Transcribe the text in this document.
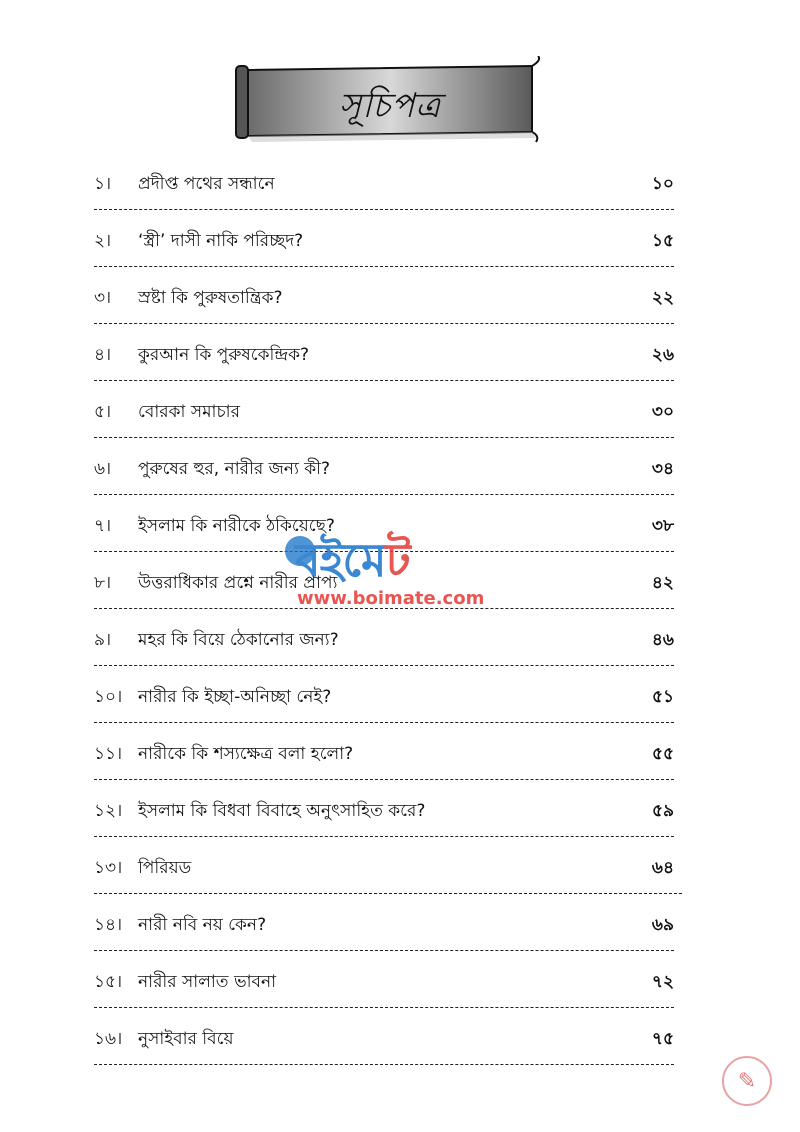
সূচিপত্র
১।	প্রদীপ্ত পথের সন্ধানে	১০
২।	‘স্ত্রী’ দাসী নাকি পরিচ্ছদ?	১৫
৩।	স্রষ্টা কি পুরুষতান্ত্রিক?	২২
৪।	কুরআন কি পুরুষকেন্দ্রিক?	২৬
৫।	বোরকা সমাচার	৩০
৬।	পুরুষের হুর, নারীর জন্য কী?	৩৪
৭।	ইসলাম কি নারীকে ঠকিয়েছে?	৩৮
৮।	উত্তরাধিকার প্রশ্নে নারীর প্রাপ্য	৪২
৯।	মহর কি বিয়ে ঠেকানোর জন্য?	৪৬
১০। নারীর কি ইচ্ছা-অনিচ্ছা নেই?	৫১
১১। নারীকে কি শস্যক্ষেত্র বলা হলো?	৫৫
১২। ইসলাম কি বিধবা বিবাহে অনুৎসাহিত করে?	৫৯
১৩। পিরিয়ড	৬৪
১৪। নারী নবি নয় কেন?	৬৯
১৫। নারীর সালাত ভাবনা	৭২
১৬। নুসাইবার বিয়ে	৭৫
বইমেট
www.boimate.com
✎
